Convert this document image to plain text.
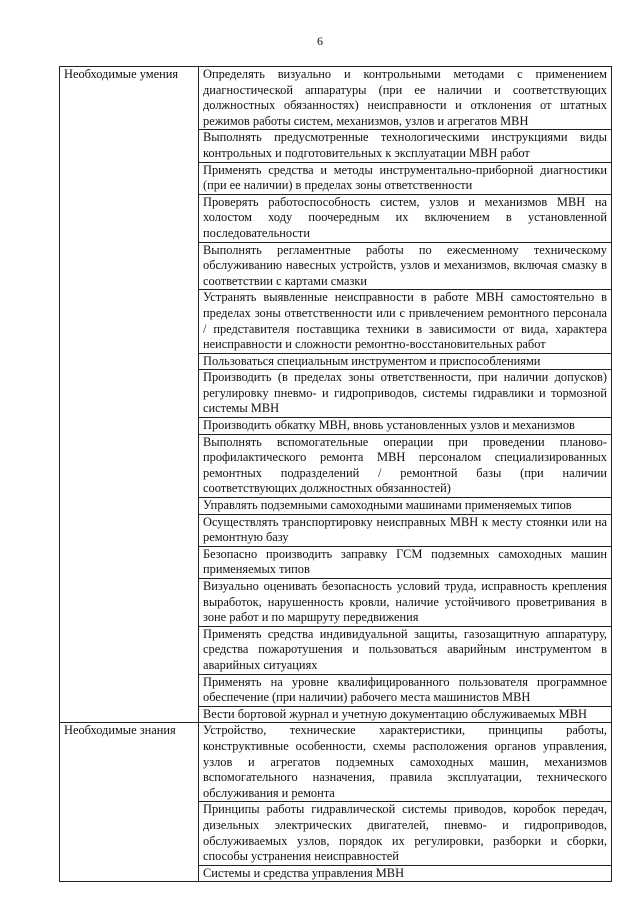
6
Необходимые умения	Определять визуально и контрольными методами с применением диагностической аппаратуры (при ее наличии и соответствующих должностных обязанностях) неисправности и отклонения от штатных режимов работы систем, механизмов, узлов и агрегатов МВН
	Выполнять предусмотренные технологическими инструкциями виды контрольных и подготовительных к эксплуатации МВН работ
	Применять средства и методы инструментально-приборной диагностики (при ее наличии) в пределах зоны ответственности
	Проверять работоспособность систем, узлов и механизмов МВН на холостом ходу поочередным их включением в установленной последовательности
	Выполнять регламентные работы по ежесменному техническому обслуживанию навесных устройств, узлов и механизмов, включая смазку в соответствии с картами смазки
	Устранять выявленные неисправности в работе МВН самостоятельно в пределах зоны ответственности или с привлечением ремонтного персонала / представителя поставщика техники в зависимости от вида, характера неисправности и сложности ремонтно-восстановительных работ
	Пользоваться специальным инструментом и приспособлениями
	Производить (в пределах зоны ответственности, при наличии допусков) регулировку пневмо- и гидроприводов, системы гидравлики и тормозной системы МВН
	Производить обкатку МВН, вновь установленных узлов и механизмов
	Выполнять вспомогательные операции при проведении планово-профилактического ремонта МВН персоналом специализированных ремонтных подразделений / ремонтной базы (при наличии соответствующих должностных обязанностей)
	Управлять подземными самоходными машинами применяемых типов
	Осуществлять транспортировку неисправных МВН к месту стоянки или на ремонтную базу
	Безопасно производить заправку ГСМ подземных самоходных машин применяемых типов
	Визуально оценивать безопасность условий труда, исправность крепления выработок, нарушенность кровли, наличие устойчивого проветривания в зоне работ и по маршруту передвижения
	Применять средства индивидуальной защиты, газозащитную аппаратуру, средства пожаротушения и пользоваться аварийным инструментом в аварийных ситуациях
	Применять на уровне квалифицированного пользователя программное обеспечение (при наличии) рабочего места машинистов МВН
	Вести бортовой журнал и учетную документацию обслуживаемых МВН
Необходимые знания	Устройство, технические характеристики, принципы работы, конструктивные особенности, схемы расположения органов управления, узлов и агрегатов подземных самоходных машин, механизмов вспомогательного назначения, правила эксплуатации, технического обслуживания и ремонта
	Принципы работы гидравлической системы приводов, коробок передач, дизельных электрических двигателей, пневмо- и гидроприводов, обслуживаемых узлов, порядок их регулировки, разборки и сборки, способы устранения неисправностей
	Системы и средства управления МВН
